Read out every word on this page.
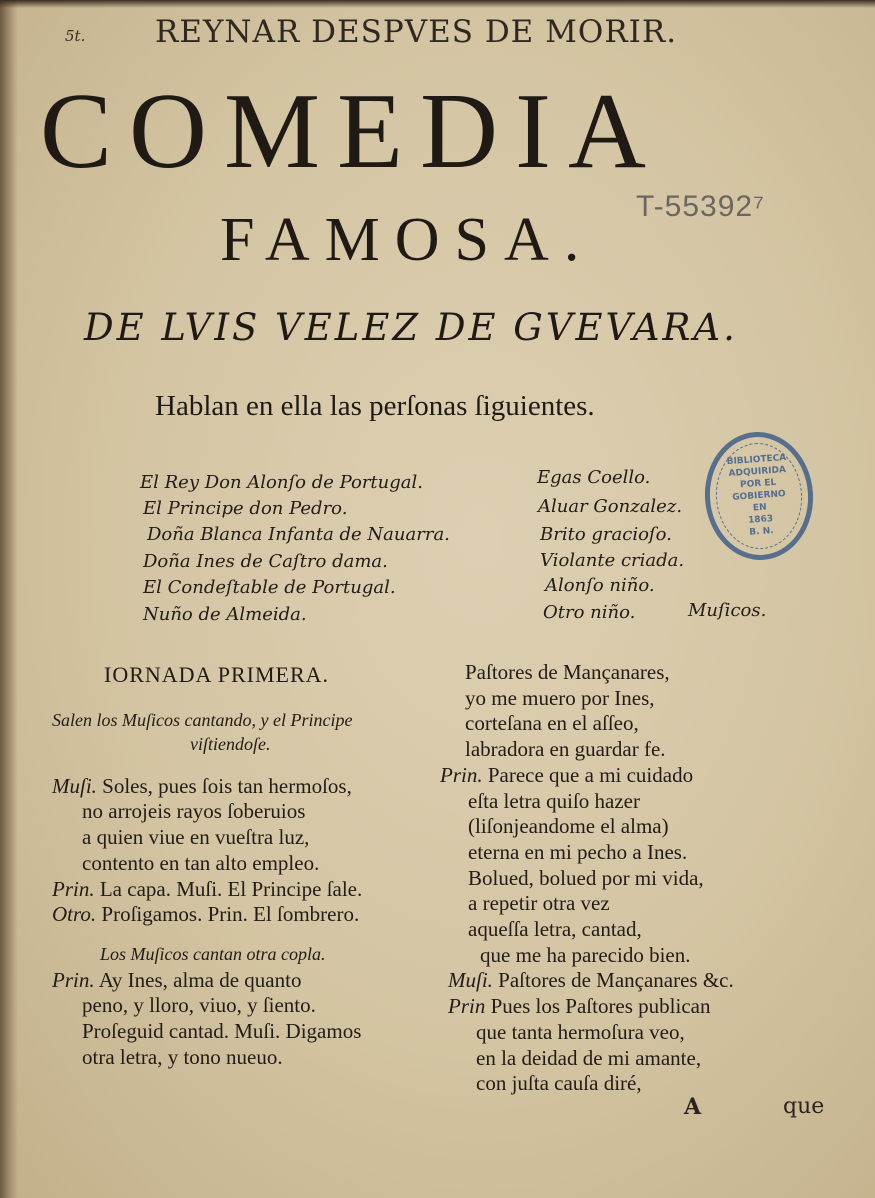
5t. REYNAR DESPVES DE MORIR.
COMEDIA
FAMOSA. T-55392⁷
DE LVIS VELEZ DE GVEVARA.
Hablan en ella las perſonas ſiguientes.
El Rey Don Alonſo de Portugal.
El Principe don Pedro.
Doña Blanca Infanta de Nauarra.
Doña Ines de Caſtro dama.
El Condeſtable de Portugal.
Nuño de Almeida.
Egas Coello.
Aluar Gonzalez.
Brito gracioſo.
Violante criada.
Alonſo niño.
Otro niño.	Muſicos.
BIBLIOTECA
ADQUIRIDA
POR EL
GOBIERNO
EN
1863
B. N.
IORNADA PRIMERA.
Salen los Muſicos cantando, y el Principe
viſtiendoſe.
Muſi. Soles, pues ſois tan hermoſos,
no arrojeis rayos ſoberuios
a quien viue en vueſtra luz,
contento en tan alto empleo.
Prin. La capa. Muſi. El Principe ſale.
Otro. Proſigamos. Prin. El ſombrero.
Los Muſicos cantan otra copla.
Prin. Ay Ines, alma de quanto
peno, y lloro, viuo, y ſiento.
Proſeguid cantad. Muſi. Digamos
otra letra, y tono nueuo.
Paſtores de Mançanares,
yo me muero por Ines,
corteſana en el aſſeo,
labradora en guardar fe.
Prin. Parece que a mi cuidado
eſta letra quiſo hazer
(liſonjeandome el alma)
eterna en mi pecho a Ines.
Bolued, bolued por mi vida,
a repetir otra vez
aqueſſa letra, cantad,
que me ha parecido bien.
Muſi. Paſtores de Mançanares &c.
Prin Pues los Paſtores publican
que tanta hermoſura veo,
en la deidad de mi amante,
con juſta cauſa diré,
A	que
